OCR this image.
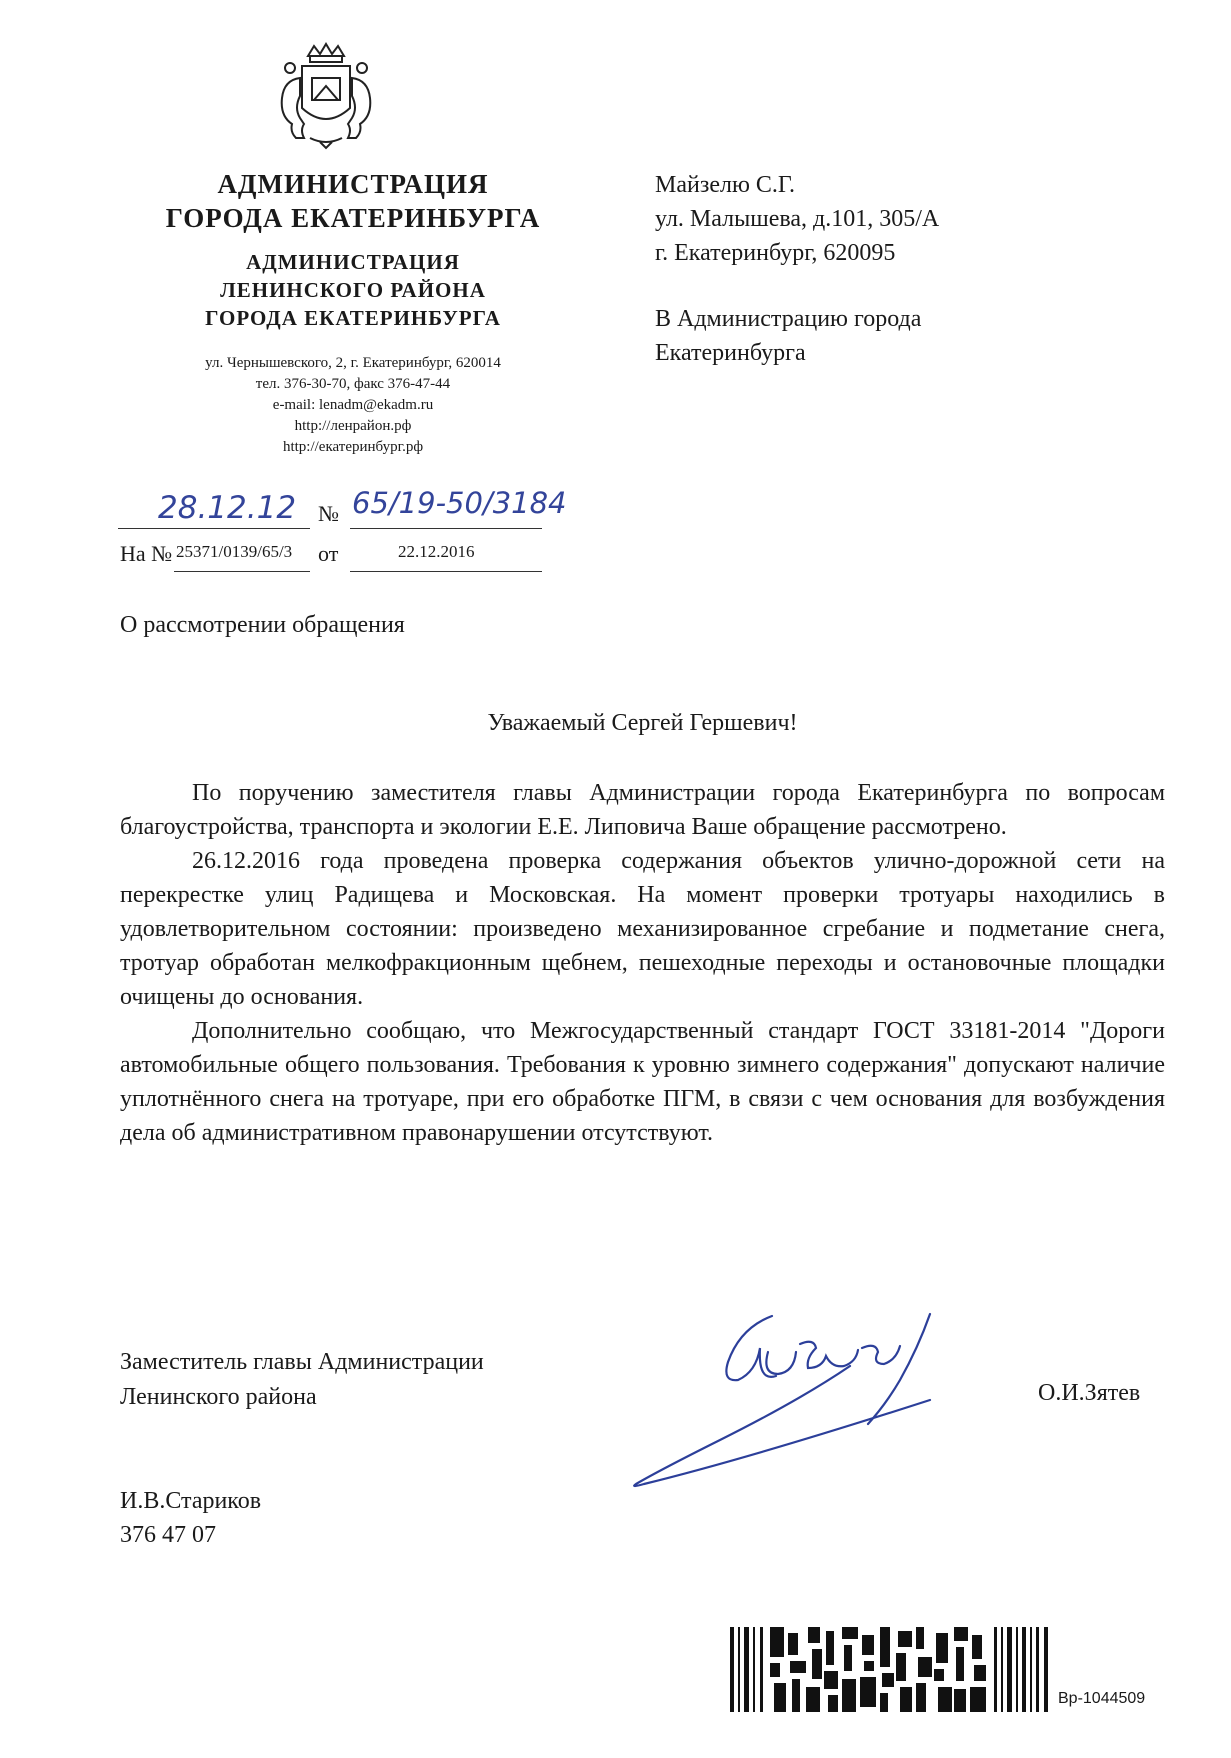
АДМИНИСТРАЦИЯ
ГОРОДА ЕКАТЕРИНБУРГА
АДМИНИСТРАЦИЯ
ЛЕНИНСКОГО РАЙОНА
ГОРОДА ЕКАТЕРИНБУРГА
ул. Чернышевского, 2, г. Екатеринбург, 620014
тел. 376-30-70, факс 376-47-44
e-mail: lenadm@ekadm.ru
http://ленрайон.рф
http://екатеринбург.рф
Майзелю С.Г.
ул. Малышева, д.101, 305/А
г. Екатеринбург, 620095
В Администрацию города
Екатеринбурга
28.12.12 № 65/19-50/3184
На № 25371/0139/65/3	от	22.12.2016
О рассмотрении обращения
Уважаемый Сергей Гершевич!

По поручению заместителя главы Администрации города Екатеринбурга по вопросам благоустройства, транспорта и экологии Е.Е. Липовича Ваше обращение рассмотрено.

26.12.2016 года проведена проверка содержания объектов улично-дорожной сети на перекрестке улиц Радищева и Московская. На момент проверки тротуары находились в удовлетворительном состоянии: произведено механизированное сгребание и подметание снега, тротуар обработан мелкофракционным щебнем, пешеходные переходы и остановочные площадки очищены до основания.

Дополнительно сообщаю, что Межгосударственный стандарт ГОСТ 33181-2014 "Дороги автомобильные общего пользования. Требования к уровню зимнего содержания" допускают наличие уплотнённого снега на тротуаре, при его обработке ПГМ, в связи с чем основания для возбуждения дела об административном правонарушении отсутствуют.

Заместитель главы Администрации
Ленинского района	О.И.Зятев
И.В.Стариков
376 47 07
Вр-1044509
